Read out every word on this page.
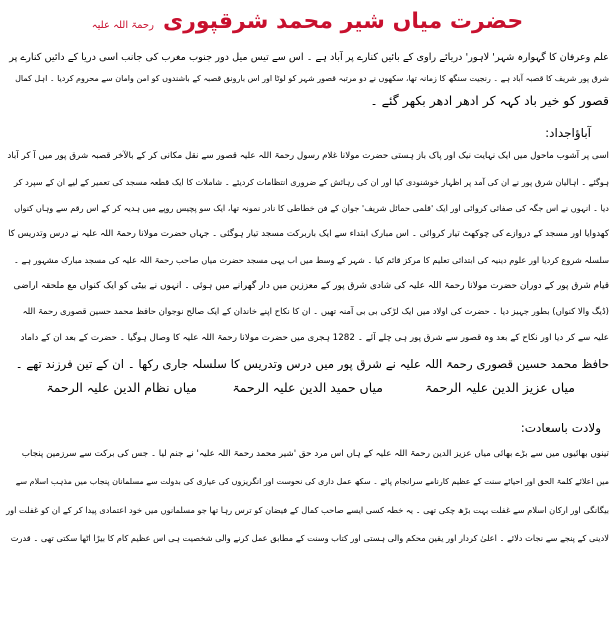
حضرت میاں شیر محمد شرقپوری رحمۃ اللہ علیہ
علم وعرفان کا گہوارہ شہر' لاہور' دریائے راوی کے بائیں کنارے پر آباد ہے ۔ اس سے تیس میل دور جنوب مغرب کی جانب اسی دریا کے دائیں کنارے پر
شرق پور شریف کا قصبہ آباد ہے ۔ رنجیت سنگھ کا زمانہ تھا، سکھوں نے دو مرتبہ قصور شہر کو لوٹا اور اس بارونق قصبہ کے باشندوں کو امن وامان سے محروم کردیا ۔ اہل کمال
قصور کو خیر باد کہہ کر ادھر ادھر بکھر گئے ۔
آباؤاجداد:
اسی پر آشوب ماحول میں ایک نہایت نیک اور پاک باز ہستی حضرت مولانا غلام رسول رحمۃ اللہ علیہ قصور سے نقل مکانی کر کے بالآخر قصبہ شرق پور میں آ کر آباد
ہوگئے ۔ اہالیان شرق پور نے ان کی آمد پر اظہار خوشنودی کیا اور ان کی رہائش کے ضروری انتظامات کردیئے ۔ شاملات کا ایک قطعہ مسجد کی تعمیر کے لیے ان کے سپرد کر
دیا ۔ انہوں نے اس جگہ کی صفائی کروائی اور ایک 'قلمی حمائل شریف' جوان کے فن خطاطی کا نادر نمونہ تھا، ایک سو پچیس روپے میں ہدیہ کر کے اس رقم سے وہاں کنواں
کھدوایا اور مسجد کے دروازے کی چوکھٹ تیار کروائی ۔ اس مبارک ابتداء سے ایک باربرکت مسجد تیار ہوگئی ۔ جہاں حضرت مولانا رحمۃ اللہ علیہ نے درس وتدریس کا
سلسلہ شروع کردیا اور علوم دینیہ کی ابتدائی تعلیم کا مرکز قائم کیا ۔ شہر کے وسط میں اب یہی مسجد حضرت میاں صاحب رحمۃ اللہ علیہ کی مسجد مبارک مشہور ہے ۔
قیام شرق پور کے دوران حضرت مولانا رحمۃ اللہ علیہ کی شادی شرق پور کے معززین میں دار گھرانے میں ہوئی ۔ انہوں نے بیٹی کو ایک کنواں مع ملحقہ اراضی
(ڈیگ والا کنواں) بطور جہیز دیا ۔ حضرت کی اولاد میں ایک لڑکی بی بی آمنہ تھیں ۔ ان کا نکاح اپنے خاندان کے ایک صالح نوجوان حافظ محمد حسین قصوری رحمۃ اللہ
علیہ سے کر دیا اور نکاح کے بعد وہ قصور سے شرق پور ہی چلے آئے ۔ 1282 ہجری میں حضرت مولانا رحمۃ اللہ علیہ کا وصال ہوگیا ۔ حضرت کے بعد ان کے داماد
حافظ محمد حسین قصوری رحمۃ اللہ علیہ نے شرق پور میں درس وتدریس کا سلسلہ جاری رکھا ۔ ان کے تین فرزند تھے ۔
میاں عزیز الدین علیہ الرحمۃ
میاں حمید الدین علیہ الرحمۃ
میاں نظام الدین علیہ الرحمۃ
ولادت باسعادت:
تینوں بھائیوں میں سے بڑے بھائی میاں عزیز الدین رحمۃ اللہ علیہ کے ہاں اس مرد حق 'شیر محمد رحمۃ اللہ علیہ' نے جنم لیا ۔ جس کی برکت سے سرزمین پنجاب
میں اعلائے کلمۃ الحق اور احیائے سنت کے عظیم کارنامے سرانجام پائے ۔ سکھ عمل داری کی نحوست اور انگریزوں کی عیاری کی بدولت سے مسلمانان پنجاب میں مذہب اسلام سے
بیگانگی اور ارکان اسلام سے غفلت بہت بڑھ چکی تھی ۔ یہ خطہ کسی ایسے صاحب کمال کے فیضان کو ترس رہا تھا جو مسلمانوں میں خود اعتمادی پیدا کر کے ان کو غفلت اور
لادینی کے پنجے سے نجات دلائے ۔ اعلیٰ کردار اور یقین محکم والی ہستی اور کتاب وسنت کے مطابق عمل کرنے والی شخصیت ہی اس عظیم کام کا بیڑا اٹھا سکتی تھی ۔ قدرت
